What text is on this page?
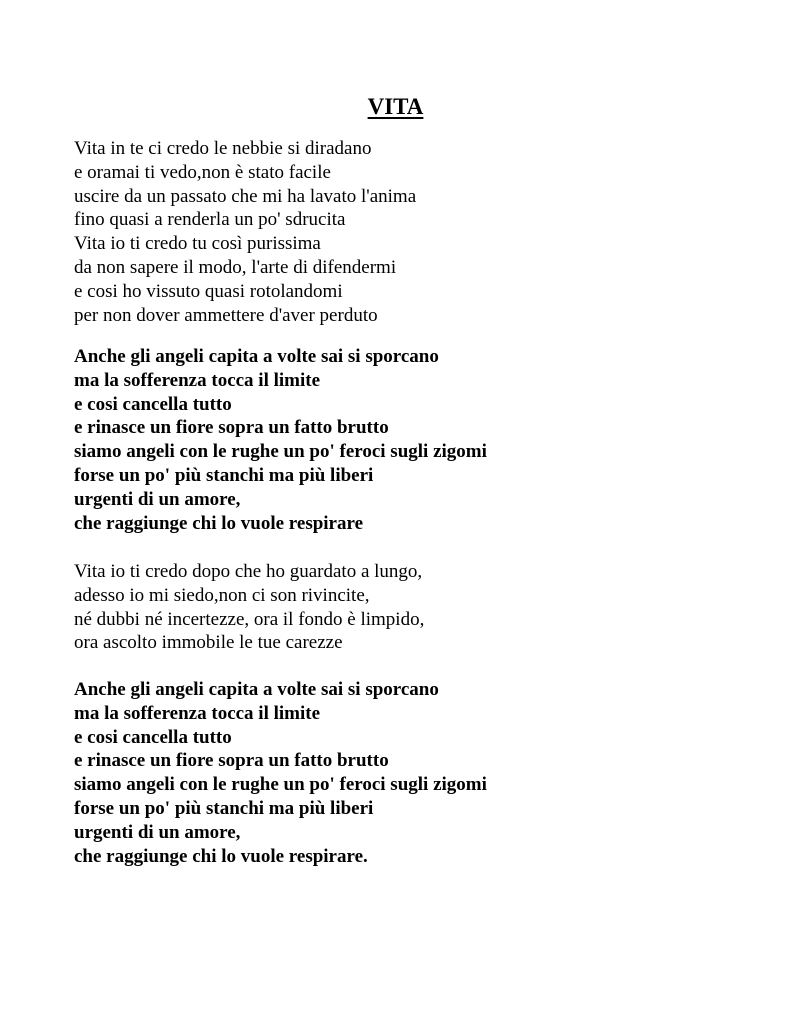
VITA
Vita in te ci credo le nebbie si diradano
e oramai ti vedo,non è stato facile
uscire da un passato che mi ha lavato l'anima
fino quasi a renderla un po' sdrucita
Vita io ti credo tu così purissima
da non sapere il modo, l'arte di difendermi
e cosi ho vissuto quasi rotolandomi
per non dover ammettere d'aver perduto
Anche gli angeli capita a volte sai si sporcano
ma la sofferenza tocca il limite
e cosi cancella tutto
e rinasce un fiore sopra un fatto brutto
siamo angeli con le rughe un po' feroci sugli zigomi
forse un po' più stanchi ma più liberi
urgenti di un amore,
che raggiunge chi lo vuole respirare
Vita io ti credo dopo che ho guardato a lungo,
adesso io mi siedo,non ci son rivincite,
né dubbi né incertezze, ora il fondo è limpido,
ora ascolto immobile le tue carezze
Anche gli angeli capita a volte sai si sporcano
ma la sofferenza tocca il limite
e cosi cancella tutto
e rinasce un fiore sopra un fatto brutto
siamo angeli con le rughe un po' feroci sugli zigomi
forse un po' più stanchi ma più liberi
urgenti di un amore,
che raggiunge chi lo vuole respirare.
